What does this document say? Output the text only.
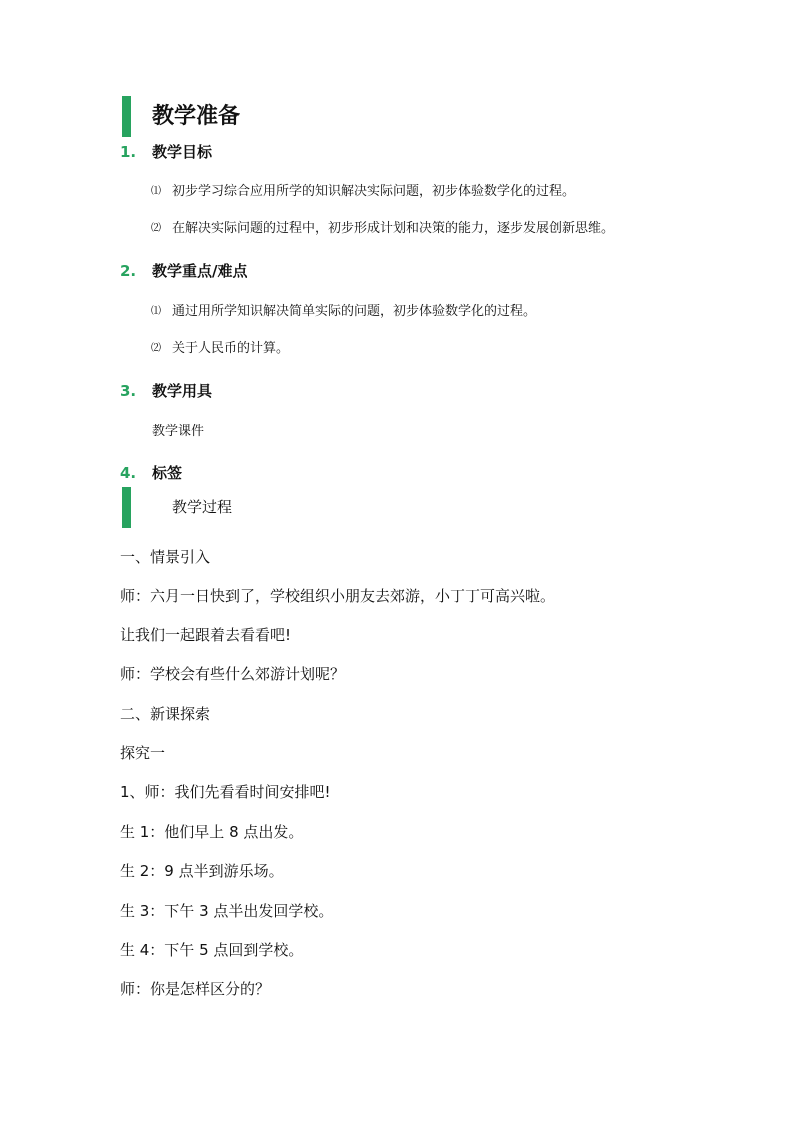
教学准备
1.	教学目标
⑴ 初步学习综合应用所学的知识解决实际问题，初步体验数学化的过程。
⑵ 在解决实际问题的过程中，初步形成计划和决策的能力，逐步发展创新思维。
2.	教学重点/难点
⑴ 通过用所学知识解决简单实际的问题，初步体验数学化的过程。
⑵ 关于人民币的计算。
3.	教学用具
教学课件
4.	标签
教学过程
一、情景引入
师：六月一日快到了，学校组织小朋友去郊游，小丁丁可高兴啦。
让我们一起跟着去看看吧!
师：学校会有些什么郊游计划呢？
二、新课探索
探究一
1、师：我们先看看时间安排吧!
生 1：他们早上 8 点出发。
生 2：9 点半到游乐场。
生 3：下午 3 点半出发回学校。
生 4：下午 5 点回到学校。
师：你是怎样区分的？
